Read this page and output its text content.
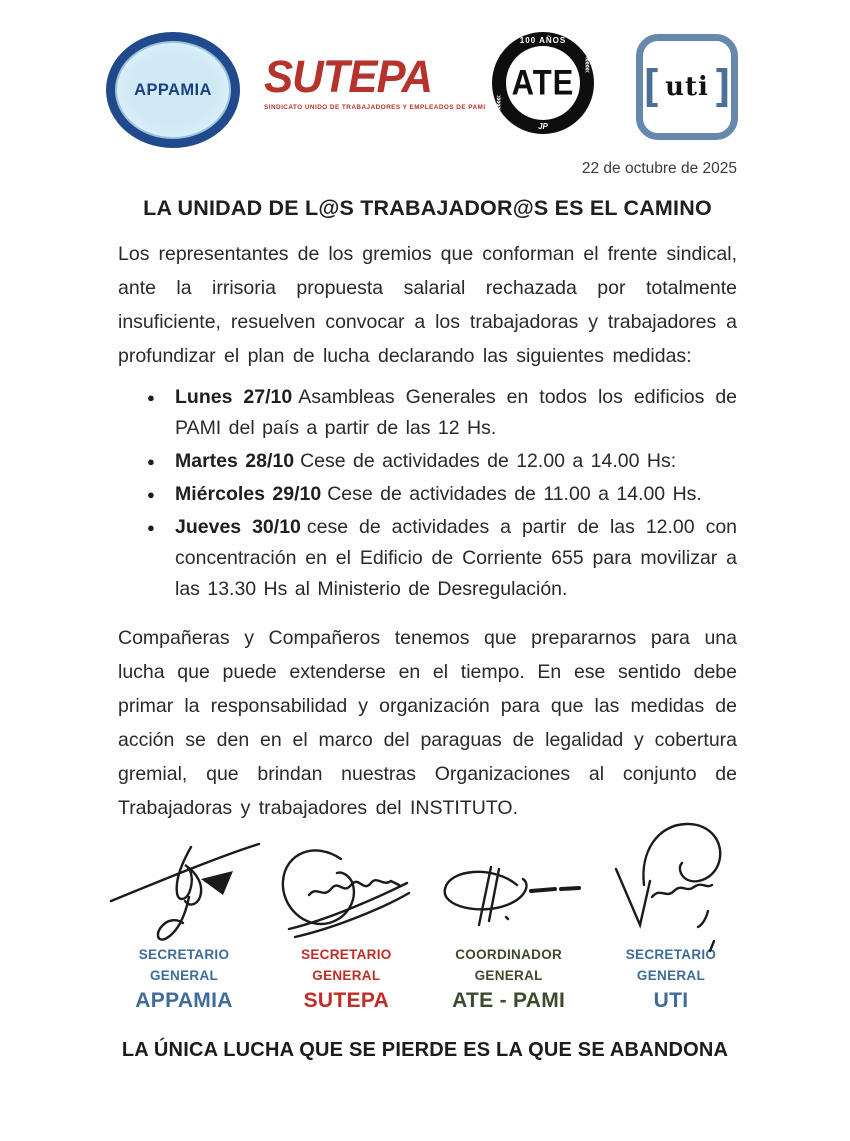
APPAMIA SUTEPA
SINDICATO UNIDO DE TRABAJADORES Y EMPLEADOS DE PAMI
100 AÑOS
«««««
ATE «««««
JP
[ uti ]
22 de octubre de 2025
LA UNIDAD DE L@S TRABAJADOR@S ES EL CAMINO

Los representantes de los gremios que conforman el frente sindical, ante la irrisoria propuesta salarial rechazada por totalmente insuficiente, resuelven convocar a los trabajadoras y trabajadores a profundizar el plan de lucha declarando las siguientes medidas:

● Lunes 27/10 Asambleas Generales en todos los edificios de PAMI del país a partir de las 12 Hs.
● Martes 28/10 Cese de actividades de 12.00 a 14.00 Hs:
● Miércoles 29/10 Cese de actividades de 11.00 a 14.00 Hs.
● Jueves 30/10 cese de actividades a partir de las 12.00 con concentración en el Edificio de Corriente 655 para movilizar a las 13.30 Hs al Ministerio de Desregulación.

Compañeras y Compañeros tenemos que prepararnos para una lucha que puede extenderse en el tiempo. En ese sentido debe primar la responsabilidad y organización para que las medidas de acción se den en el marco del paraguas de legalidad y cobertura gremial, que brindan nuestras Organizaciones al conjunto de Trabajadoras y trabajadores del INSTITUTO.

SECRETARIO
GENERAL
APPAMIA
SECRETARIO
GENERAL
SUTEPA
COORDINADOR
GENERAL
ATE - PAMI
SECRETARIO
GENERAL
UTI
LA ÚNICA LUCHA QUE SE PIERDE ES LA QUE SE ABANDONA
